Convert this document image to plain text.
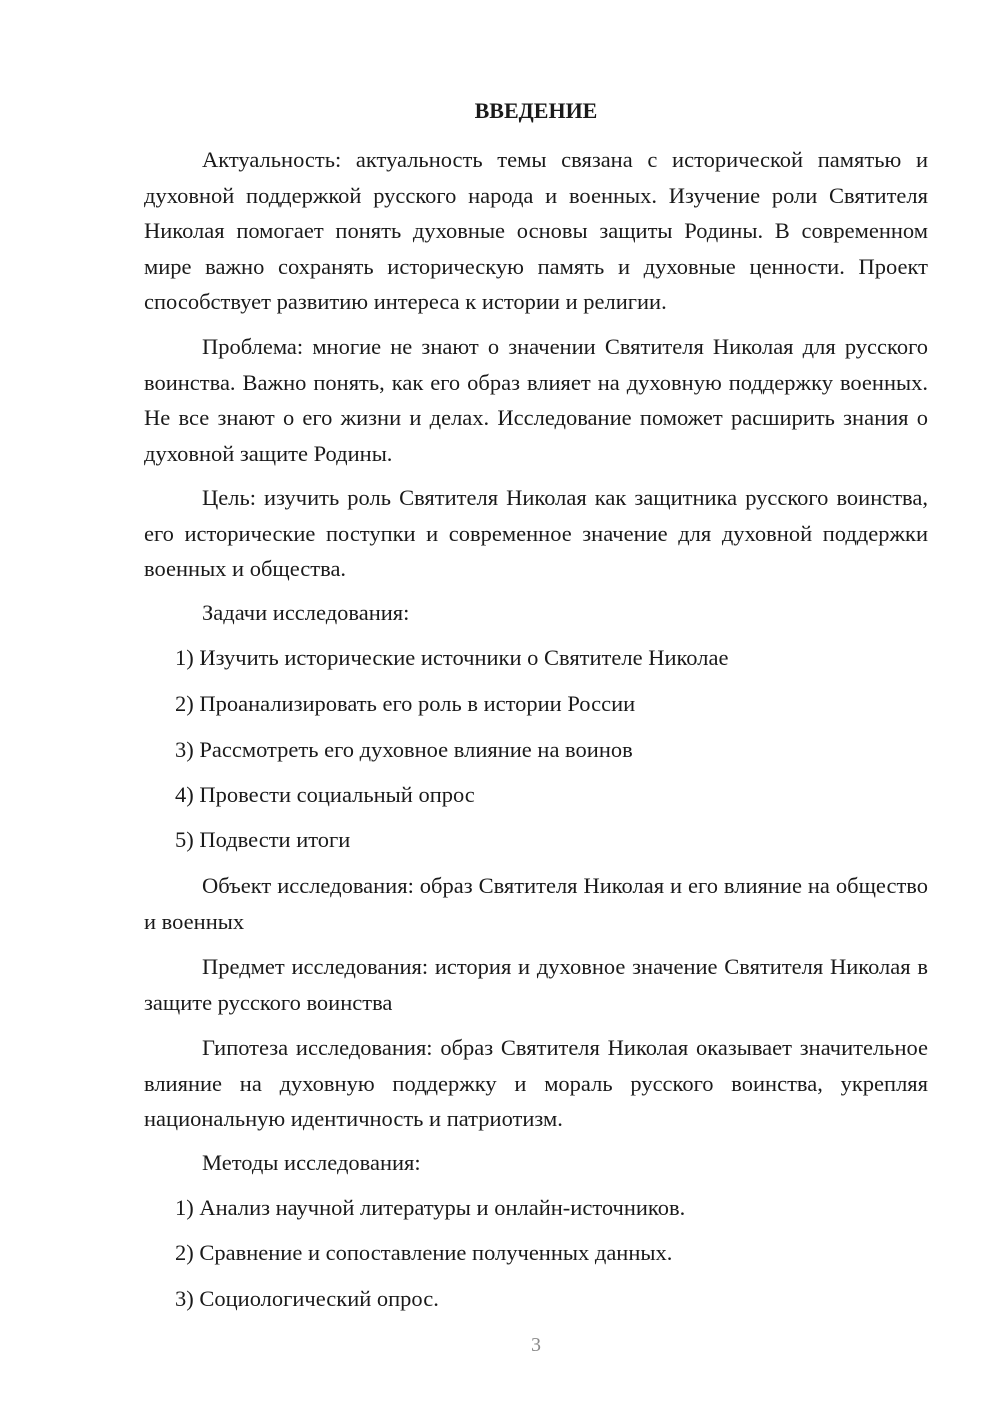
ВВЕДЕНИЕ

Актуальность: актуальность темы связана с исторической памятью и духовной поддержкой русского народа и военных. Изучение роли Святителя Николая помогает понять духовные основы защиты Родины. В современном мире важно сохранять историческую память и духовные ценности. Проект способствует развитию интереса к истории и религии.

Проблема: многие не знают о значении Святителя Николая для русского воинства. Важно понять, как его образ влияет на духовную поддержку военных. Не все знают о его жизни и делах. Исследование поможет расширить знания о духовной защите Родины.

Цель: изучить роль Святителя Николая как защитника русского воинства, его исторические поступки и современное значение для духовной поддержки военных и общества.

Задачи исследования:

1) Изучить исторические источники о Святителе Николае

2) Проанализировать его роль в истории России

3) Рассмотреть его духовное влияние на воинов

4) Провести социальный опрос

5) Подвести итоги

Объект исследования: образ Святителя Николая и его влияние на общество и военных

Предмет исследования: история и духовное значение Святителя Николая в защите русского воинства

Гипотеза исследования: образ Святителя Николая оказывает значительное влияние на духовную поддержку и мораль русского воинства, укрепляя национальную идентичность и патриотизм.

Методы исследования:

1) Анализ научной литературы и онлайн-источников.

2) Сравнение и сопоставление полученных данных.

3) Социологический опрос.

3
